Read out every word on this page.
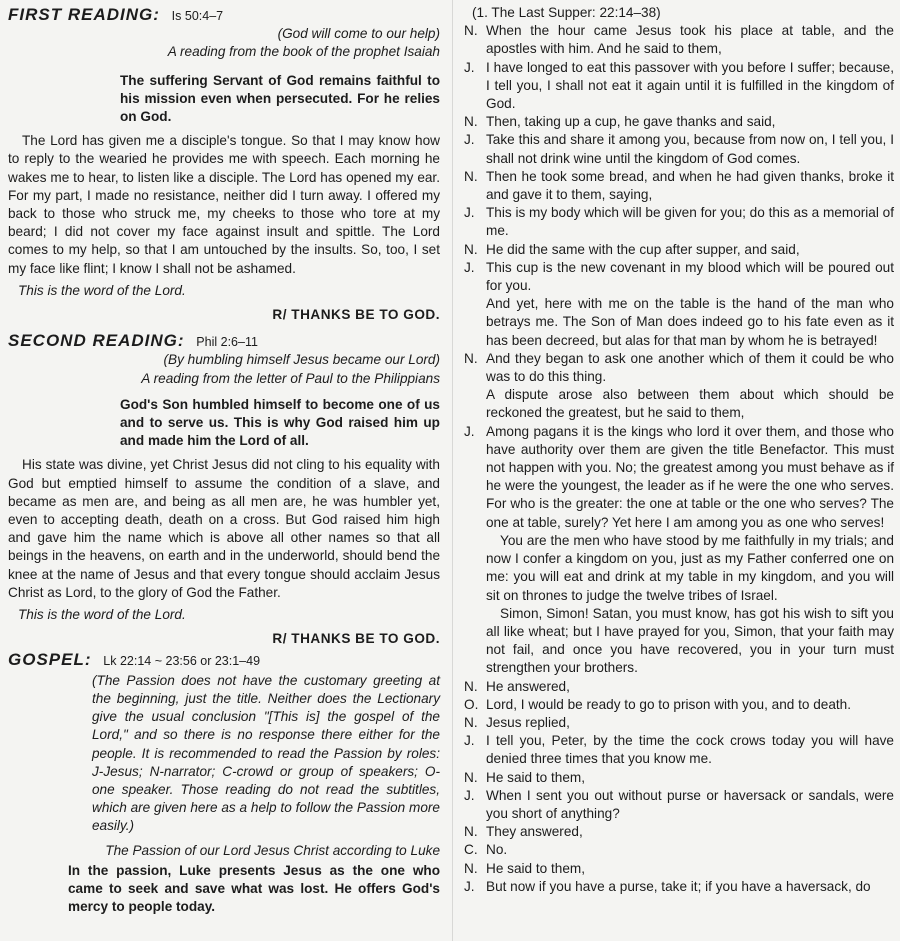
FIRST READING: Is 50:4–7

(God will come to our help)

A reading from the book of the prophet Isaiah

The suffering Servant of God remains faithful to his mission even when persecuted. For he relies on God.

The Lord has given me a disciple's tongue. So that I may know how to reply to the wearied he provides me with speech. Each morning he wakes me to hear, to listen like a disciple. The Lord has opened my ear. For my part, I made no resistance, neither did I turn away. I offered my back to those who struck me, my cheeks to those who tore at my beard; I did not cover my face against insult and spittle. The Lord comes to my help, so that I am untouched by the insults. So, too, I set my face like flint; I know I shall not be ashamed.

This is the word of the Lord.

R/ THANKS BE TO GOD.

SECOND READING: Phil 2:6–11

(By humbling himself Jesus became our Lord)

A reading from the letter of Paul to the Philippians

God's Son humbled himself to become one of us and to serve us. This is why God raised him up and made him the Lord of all.

His state was divine, yet Christ Jesus did not cling to his equality with God but emptied himself to assume the condition of a slave, and became as men are, and being as all men are, he was humbler yet, even to accepting death, death on a cross. But God raised him high and gave him the name which is above all other names so that all beings in the heavens, on earth and in the underworld, should bend the knee at the name of Jesus and that every tongue should acclaim Jesus Christ as Lord, to the glory of God the Father.

This is the word of the Lord.

R/ THANKS BE TO GOD.

GOSPEL: Lk 22:14 ~ 23:56 or 23:1–49

(The Passion does not have the customary greeting at the beginning, just the title. Neither does the Lectionary give the usual conclusion "[This is] the gospel of the Lord," and so there is no response there either for the people. It is recommended to read the Passion by roles: J-Jesus; N-narrator; C-crowd or group of speakers; O-one speaker. Those reading do not read the subtitles, which are given here as a help to follow the Passion more easily.)

The Passion of our Lord Jesus Christ according to Luke

In the passion, Luke presents Jesus as the one who came to seek and save what was lost. He offers God's mercy to people today.

(1. The Last Supper: 22:14–38)

N. When the hour came Jesus took his place at table, and the apostles with him. And he said to them,
J. I have longed to eat this passover with you before I suffer; because, I tell you, I shall not eat it again until it is fulfilled in the kingdom of God.
N. Then, taking up a cup, he gave thanks and said,
J. Take this and share it among you, because from now on, I tell you, I shall not drink wine until the kingdom of God comes.
N. Then he took some bread, and when he had given thanks, broke it and gave it to them, saying,
J. This is my body which will be given for you; do this as a memorial of me.
N. He did the same with the cup after supper, and said,
J. This cup is the new covenant in my blood which will be poured out for you.

And yet, here with me on the table is the hand of the man who betrays me. The Son of Man does indeed go to his fate even as it has been decreed, but alas for that man by whom he is betrayed!

N. And they began to ask one another which of them it could be who was to do this thing.

A dispute arose also between them about which should be reckoned the greatest, but he said to them,

J. Among pagans it is the kings who lord it over them, and those who have authority over them are given the title Benefactor. This must not happen with you. No; the greatest among you must behave as if he were the youngest, the leader as if he were the one who serves. For who is the greater: the one at table or the one who serves? The one at table, surely? Yet here I am among you as one who serves!

You are the men who have stood by me faithfully in my trials; and now I confer a kingdom on you, just as my Father conferred one on me: you will eat and drink at my table in my kingdom, and you will sit on thrones to judge the twelve tribes of Israel.

Simon, Simon! Satan, you must know, has got his wish to sift you all like wheat; but I have prayed for you, Simon, that your faith may not fail, and once you have recovered, you in your turn must strengthen your brothers.

N. He answered,
O. Lord, I would be ready to go to prison with you, and to death.
N. Jesus replied,
J. I tell you, Peter, by the time the cock crows today you will have denied three times that you know me.
N. He said to them,
J. When I sent you out without purse or haversack or sandals, were you short of anything?
N. They answered,
C. No.
N. He said to them,
J. But now if you have a purse, take it; if you have a haversack, do
